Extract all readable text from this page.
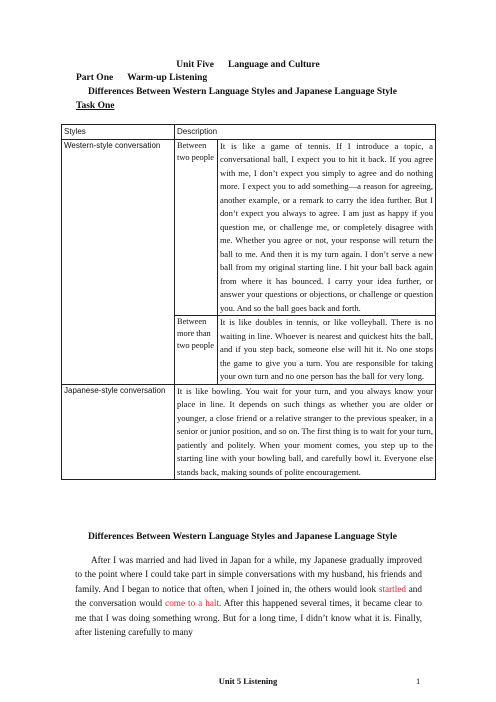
Unit Five Language and Culture
Part One Warm-up Listening
Differences Between Western Language Styles and Japanese Language Style
Task One
Styles	Description	
Western-style conversation	Between two people	It is like a game of tennis. If I introduce a topic, a conversational ball, I expect you to hit it back. If you agree with me, I don’t expect you simply to agree and do nothing more. I expect you to add something—a reason for agreeing, another example, or a remark to carry the idea further. But I don’t expect you always to agree. I am just as happy if you question me, or challenge me, or completely disagree with me. Whether you agree or not, your response will return the ball to me. And then it is my turn again. I don’t serve a new ball from my original starting line. I hit your ball back again from where it has bounced. I carry your idea further, or answer your questions or objections, or challenge or question you. And so the ball goes back and forth.
	Between more than two people	It is like doubles in tennis, or like volleyball. There is no waiting in line. Whoever is nearest and quickest hits the ball, and if you step back, someone else will hit it. No one stops the game to give you a turn. You are responsible for taking your own turn and no one person has the ball for very long.
Japanese-style conversation	It is like bowling. You wait for your turn, and you always know your place in line. It depends on such things as whether you are older or younger, a close friend or a relative stranger to the previous speaker, in a senior or junior position, and so on. The first thing is to wait for your turn, patiently and politely. When your moment comes, you step up to the starting line with your bowling ball, and carefully bowl it. Everyone else stands back, making sounds of polite encouragement.	
Differences Between Western Language Styles and Japanese Language Style

After I was married and had lived in Japan for a while, my Japanese gradually improved to the point where I could take part in simple conversations with my husband, his friends and family. And I began to notice that often, when I joined in, the others would look startled and the conversation would come to a halt. After this happened several times, it became clear to me that I was doing something wrong. But for a long time, I didn’t know what it is. Finally, after listening carefully to many

Unit 5 Listening	1
